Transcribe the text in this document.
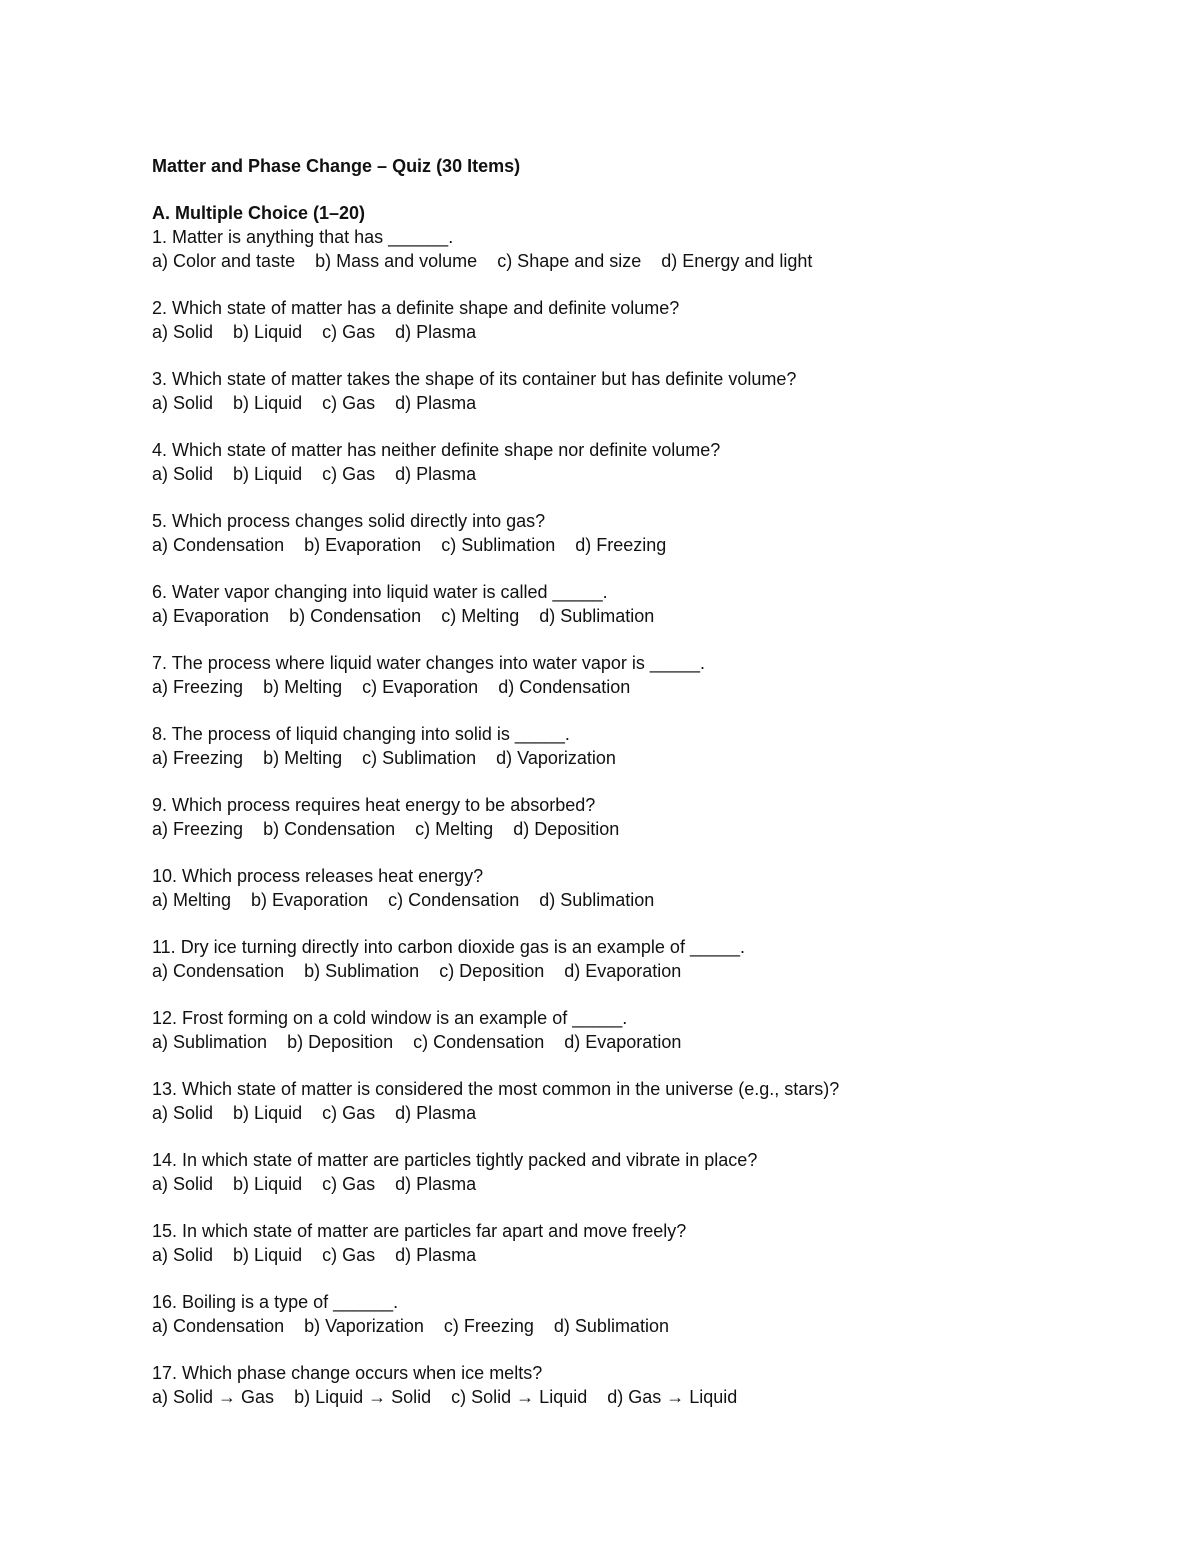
Matter and Phase Change – Quiz (30 Items)
A. Multiple Choice (1–20)

1. Matter is anything that has ______.

a) Color and taste b) Mass and volume c) Shape and size d) Energy and light

2. Which state of matter has a definite shape and definite volume?

a) Solid b) Liquid c) Gas d) Plasma

3. Which state of matter takes the shape of its container but has definite volume?

a) Solid b) Liquid c) Gas d) Plasma

4. Which state of matter has neither definite shape nor definite volume?

a) Solid b) Liquid c) Gas d) Plasma

5. Which process changes solid directly into gas?

a) Condensation b) Evaporation c) Sublimation d) Freezing

6. Water vapor changing into liquid water is called _____.

a) Evaporation b) Condensation c) Melting d) Sublimation

7. The process where liquid water changes into water vapor is _____.

a) Freezing b) Melting c) Evaporation d) Condensation

8. The process of liquid changing into solid is _____.

a) Freezing b) Melting c) Sublimation d) Vaporization

9. Which process requires heat energy to be absorbed?

a) Freezing b) Condensation c) Melting d) Deposition

10. Which process releases heat energy?

a) Melting b) Evaporation c) Condensation d) Sublimation

11. Dry ice turning directly into carbon dioxide gas is an example of _____.

a) Condensation b) Sublimation c) Deposition d) Evaporation

12. Frost forming on a cold window is an example of _____.

a) Sublimation b) Deposition c) Condensation d) Evaporation

13. Which state of matter is considered the most common in the universe (e.g., stars)?

a) Solid b) Liquid c) Gas d) Plasma

14. In which state of matter are particles tightly packed and vibrate in place?

a) Solid b) Liquid c) Gas d) Plasma

15. In which state of matter are particles far apart and move freely?

a) Solid b) Liquid c) Gas d) Plasma

16. Boiling is a type of ______.

a) Condensation b) Vaporization c) Freezing d) Sublimation

17. Which phase change occurs when ice melts?

a) Solid → Gas b) Liquid → Solid c) Solid → Liquid d) Gas → Liquid
